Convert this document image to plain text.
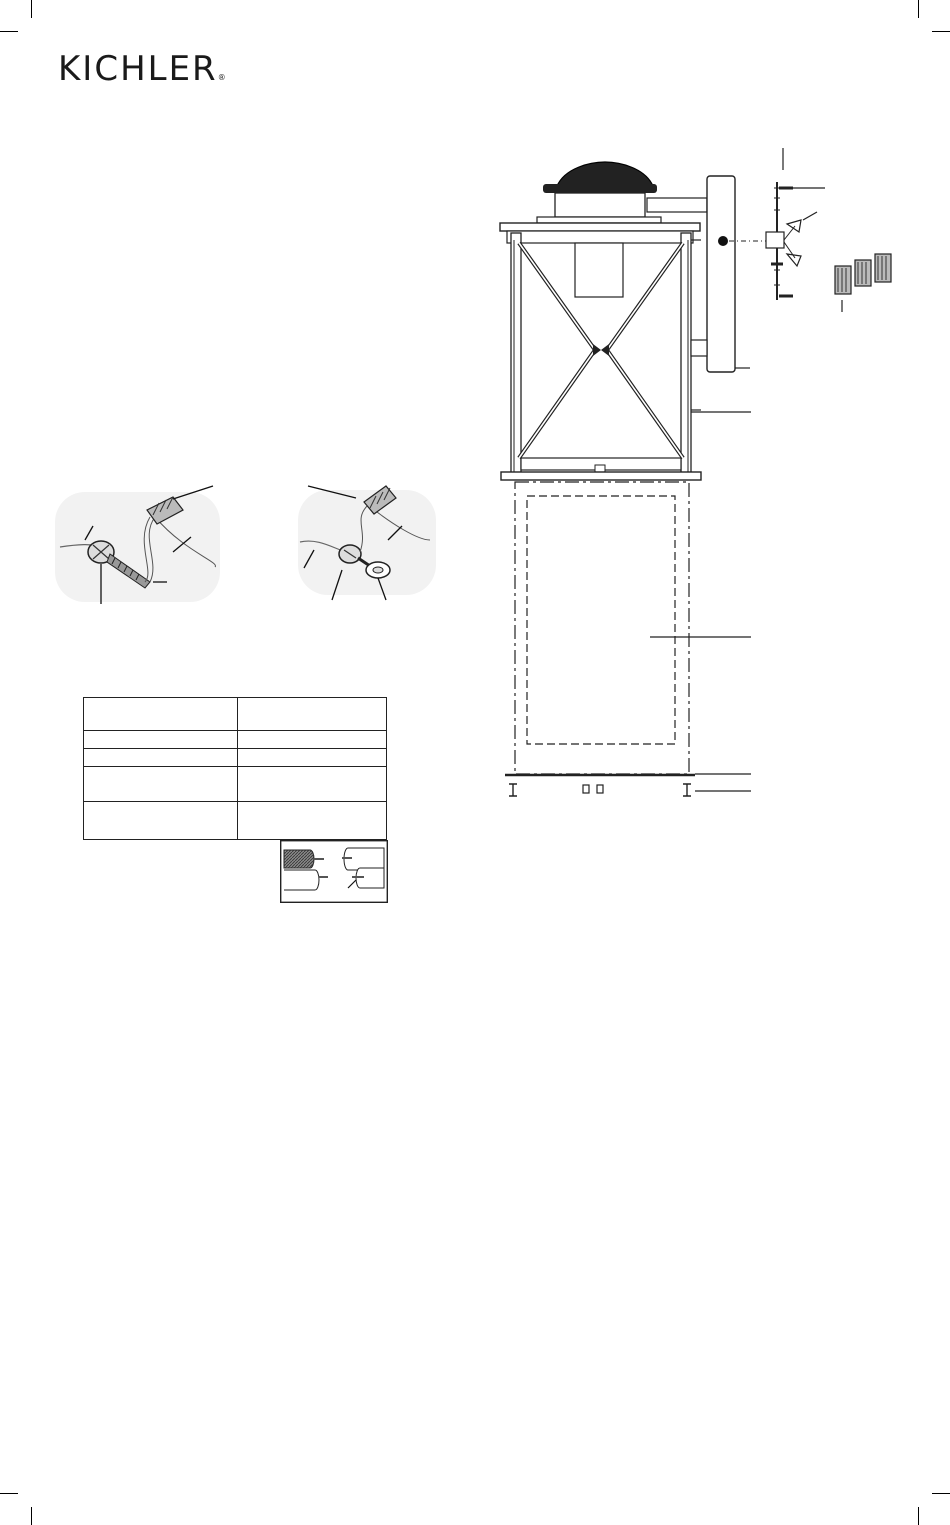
KICHLER®
